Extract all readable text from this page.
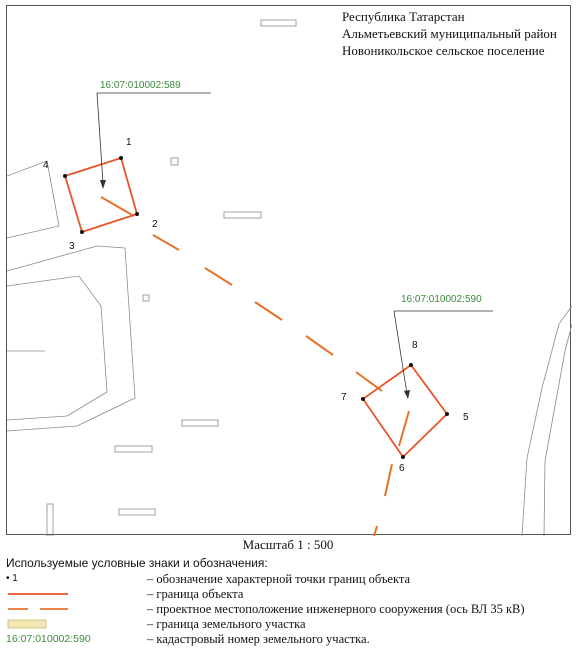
1
2
3
4
5
6
7
8
16:07:010002:589
16:07:010002:590
Республика Татарстан
Альметьевский муниципальный район
Новоникольское сельское поселение
Масштаб 1 : 500
Используемые условные знаки и обозначения:
• 1	– обозначение характерной точки границ объекта
– граница объекта
– проектное местоположение инженерного сооружения (ось ВЛ 35 кВ)
– граница земельного участка
16:07:010002:590	– кадастровый номер земельного участка.
